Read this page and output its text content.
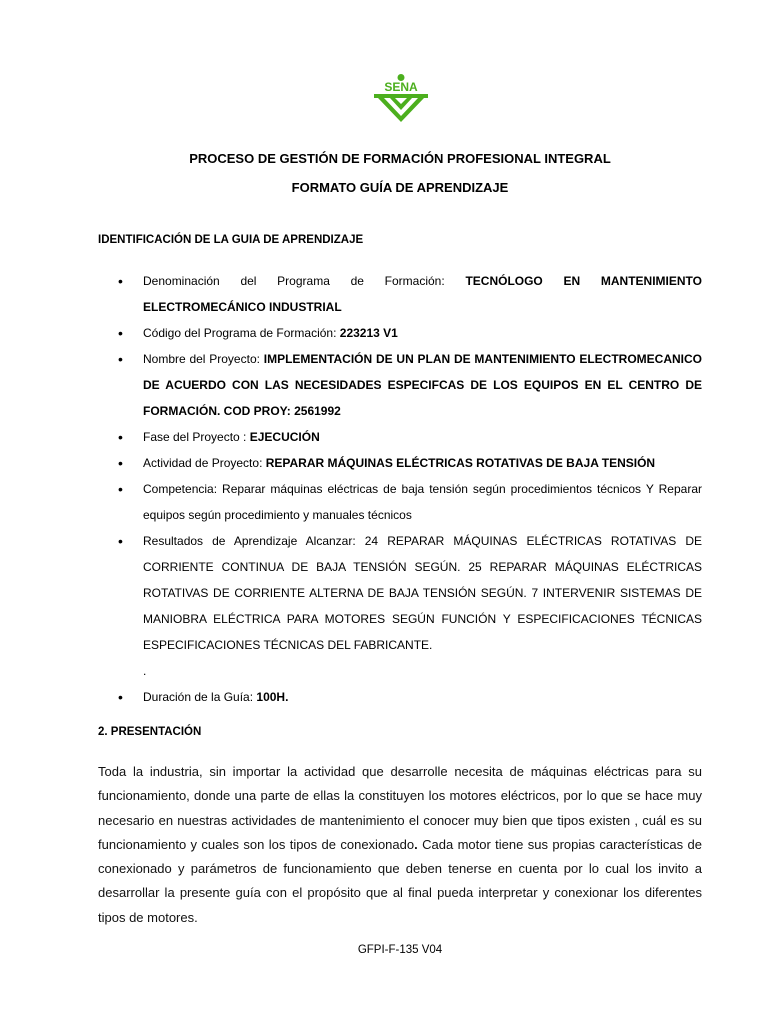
SENA
PROCESO DE GESTIÓN DE FORMACIÓN PROFESIONAL INTEGRAL
FORMATO GUÍA DE APRENDIZAJE
IDENTIFICACIÓN DE LA GUIA DE APRENDIZAJE
• Denominación del Programa de Formación: TECNÓLOGO EN MANTENIMIENTO ELECTROMECÁNICO INDUSTRIAL
• Código del Programa de Formación: 223213 V1
• Nombre del Proyecto: IMPLEMENTACIÓN DE UN PLAN DE MANTENIMIENTO ELECTROMECANICO DE ACUERDO CON LAS NECESIDADES ESPECIFCAS DE LOS EQUIPOS EN EL CENTRO DE FORMACIÓN. COD PROY: 2561992
• Fase del Proyecto : EJECUCIÓN
• Actividad de Proyecto: REPARAR MÁQUINAS ELÉCTRICAS ROTATIVAS DE BAJA TENSIÓN
• Competencia: Reparar máquinas eléctricas de baja tensión según procedimientos técnicos Y Reparar equipos según procedimiento y manuales técnicos
• Resultados de Aprendizaje Alcanzar: 24 REPARAR MÁQUINAS ELÉCTRICAS ROTATIVAS DE CORRIENTE CONTINUA DE BAJA TENSIÓN SEGÚN. 25 REPARAR MÁQUINAS ELÉCTRICAS ROTATIVAS DE CORRIENTE ALTERNA DE BAJA TENSIÓN SEGÚN. 7 INTERVENIR SISTEMAS DE MANIOBRA ELÉCTRICA PARA MOTORES SEGÚN FUNCIÓN Y ESPECIFICACIONES TÉCNICAS ESPECIFICACIONES TÉCNICAS DEL FABRICANTE.
.
• Duración de la Guía: 100H.
2. PRESENTACIÓN
Toda la industria, sin importar la actividad que desarrolle necesita de máquinas eléctricas para su funcionamiento, donde una parte de ellas la constituyen los motores eléctricos, por lo que se hace muy necesario en nuestras actividades de mantenimiento el conocer muy bien que tipos existen , cuál es su funcionamiento y cuales son los tipos de conexionado. Cada motor tiene sus propias características de conexionado y parámetros de funcionamiento que deben tenerse en cuenta por lo cual los invito a desarrollar la presente guía con el propósito que al final pueda interpretar y conexionar los diferentes tipos de motores.
GFPI-F-135 V04
